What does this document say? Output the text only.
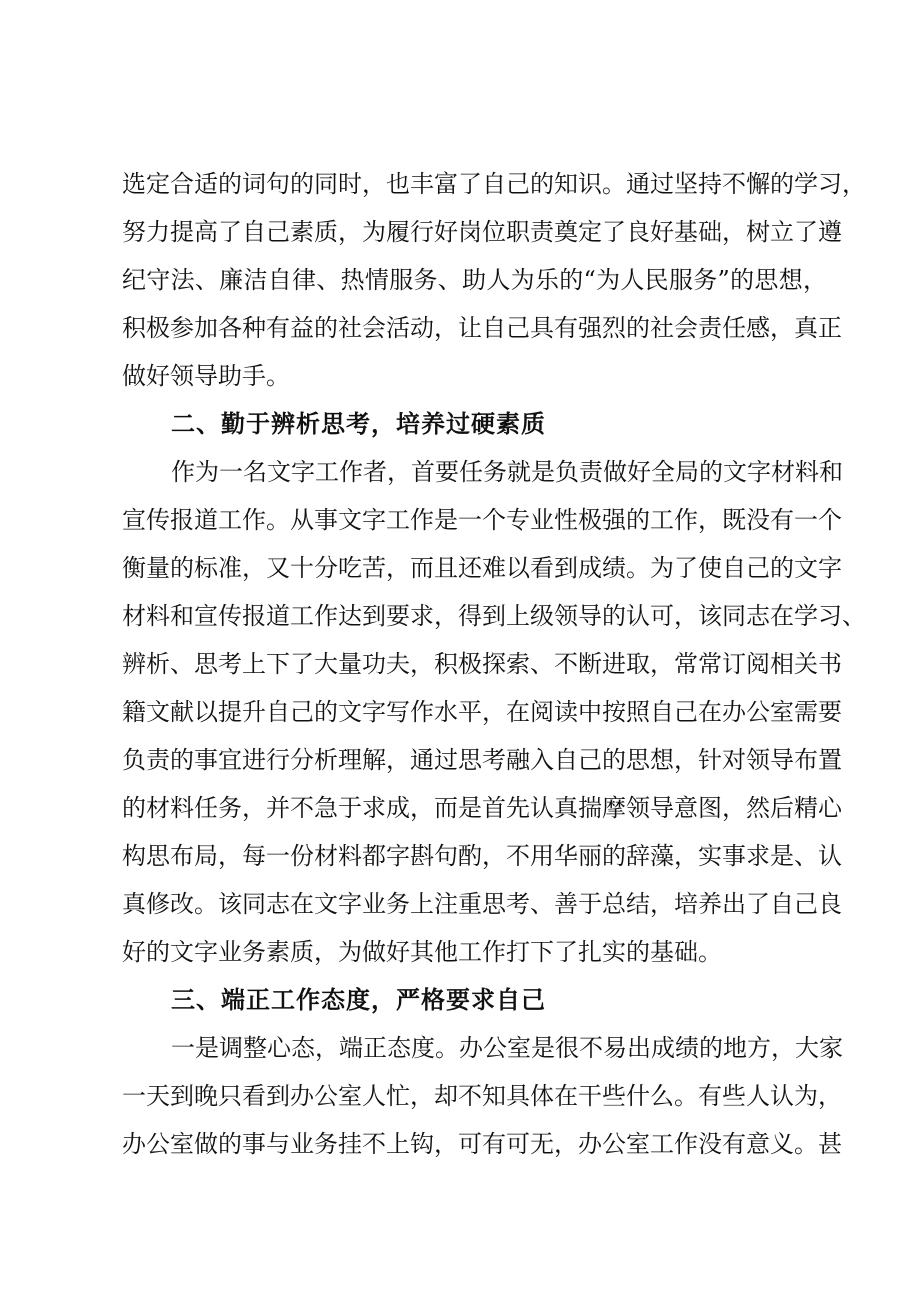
选定合适的词句的同时，也丰富了自己的知识。通过坚持不懈的学习，
努力提高了自己素质，为履行好岗位职责奠定了良好基础，树立了遵
纪守法、廉洁自律、热情服务、助人为乐的“为人民服务”的思想，
积极参加各种有益的社会活动，让自己具有强烈的社会责任感，真正
做好领导助手。
二、勤于辨析思考，培养过硬素质
作为一名文字工作者，首要任务就是负责做好全局的文字材料和
宣传报道工作。从事文字工作是一个专业性极强的工作，既没有一个
衡量的标准，又十分吃苦，而且还难以看到成绩。为了使自己的文字
材料和宣传报道工作达到要求，得到上级领导的认可，该同志在学习、
辨析、思考上下了大量功夫，积极探索、不断进取，常常订阅相关书
籍文献以提升自己的文字写作水平，在阅读中按照自己在办公室需要
负责的事宜进行分析理解，通过思考融入自己的思想，针对领导布置
的材料任务，并不急于求成，而是首先认真揣摩领导意图，然后精心
构思布局，每一份材料都字斟句酌，不用华丽的辞藻，实事求是、认
真修改。该同志在文字业务上注重思考、善于总结，培养出了自己良
好的文字业务素质，为做好其他工作打下了扎实的基础。
三、端正工作态度，严格要求自己
一是调整心态，端正态度。办公室是很不易出成绩的地方，大家
一天到晚只看到办公室人忙，却不知具体在干些什么。有些人认为，
办公室做的事与业务挂不上钩，可有可无，办公室工作没有意义。甚
